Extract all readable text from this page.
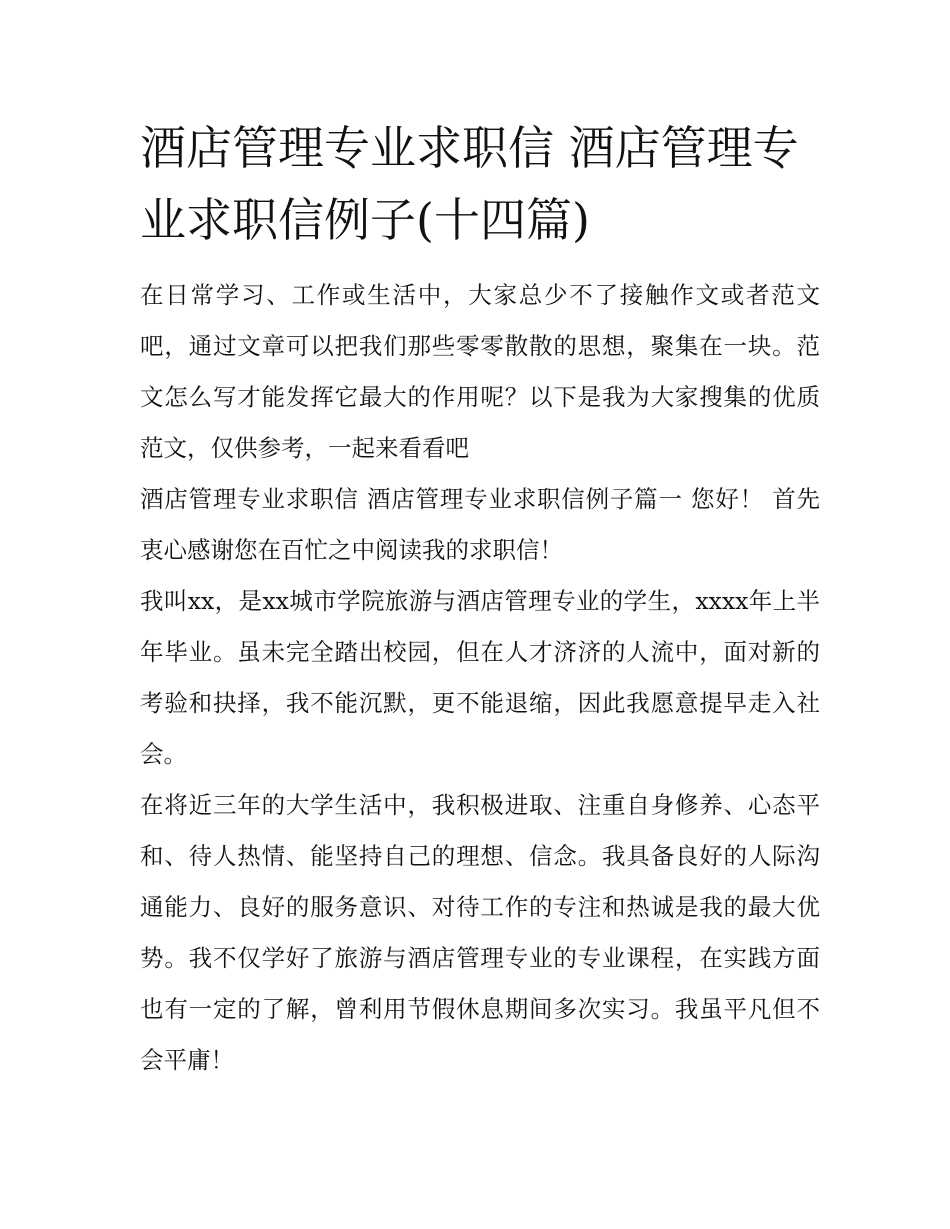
酒店管理专业求职信 酒店管理专业求职信例子(十四篇)

在日常学习、工作或生活中，大家总少不了接触作文或者范文吧，通过文章可以把我们那些零零散散的思想，聚集在一块。范文怎么写才能发挥它最大的作用呢？以下是我为大家搜集的优质范文，仅供参考，一起来看看吧

酒店管理专业求职信 酒店管理专业求职信例子篇一 您好！ 首先衷心感谢您在百忙之中阅读我的求职信！

我叫xx，是xx城市学院旅游与酒店管理专业的学生，xxxx年上半年毕业。虽未完全踏出校园，但在人才济济的人流中，面对新的考验和抉择，我不能沉默，更不能退缩，因此我愿意提早走入社会。

在将近三年的大学生活中，我积极进取、注重自身修养、心态平和、待人热情、能坚持自己的理想、信念。我具备良好的人际沟通能力、良好的服务意识、对待工作的专注和热诚是我的最大优势。我不仅学好了旅游与酒店管理专业的专业课程，在实践方面也有一定的了解，曾利用节假休息期间多次实习。我虽平凡但不会平庸！
